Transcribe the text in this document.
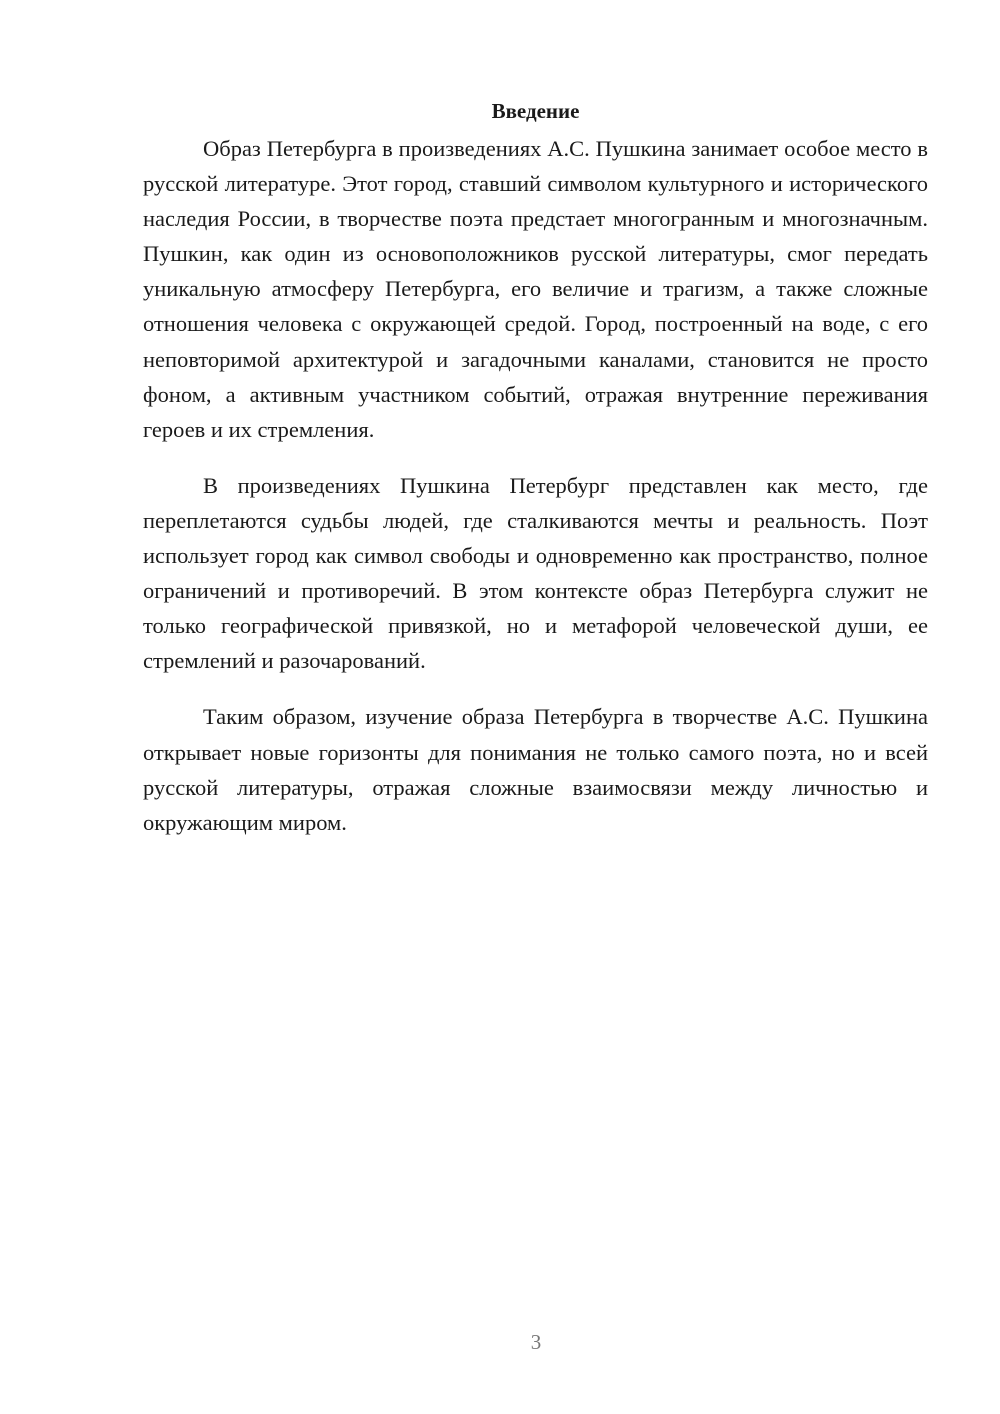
Введение

Образ Петербурга в произведениях А.С. Пушкина занимает особое место в русской литературе. Этот город, ставший символом культурного и исторического наследия России, в творчестве поэта предстает многогранным и многозначным. Пушкин, как один из основоположников русской литературы, смог передать уникальную атмосферу Петербурга, его величие и трагизм, а также сложные отношения человека с окружающей средой. Город, построенный на воде, с его неповторимой архитектурой и загадочными каналами, становится не просто фоном, а активным участником событий, отражая внутренние переживания героев и их стремления.

В произведениях Пушкина Петербург представлен как место, где переплетаются судьбы людей, где сталкиваются мечты и реальность. Поэт использует город как символ свободы и одновременно как пространство, полное ограничений и противоречий. В этом контексте образ Петербурга служит не только географической привязкой, но и метафорой человеческой души, ее стремлений и разочарований.

Таким образом, изучение образа Петербурга в творчестве А.С. Пушкина открывает новые горизонты для понимания не только самого поэта, но и всей русской литературы, отражая сложные взаимосвязи между личностью и окружающим миром.

3
